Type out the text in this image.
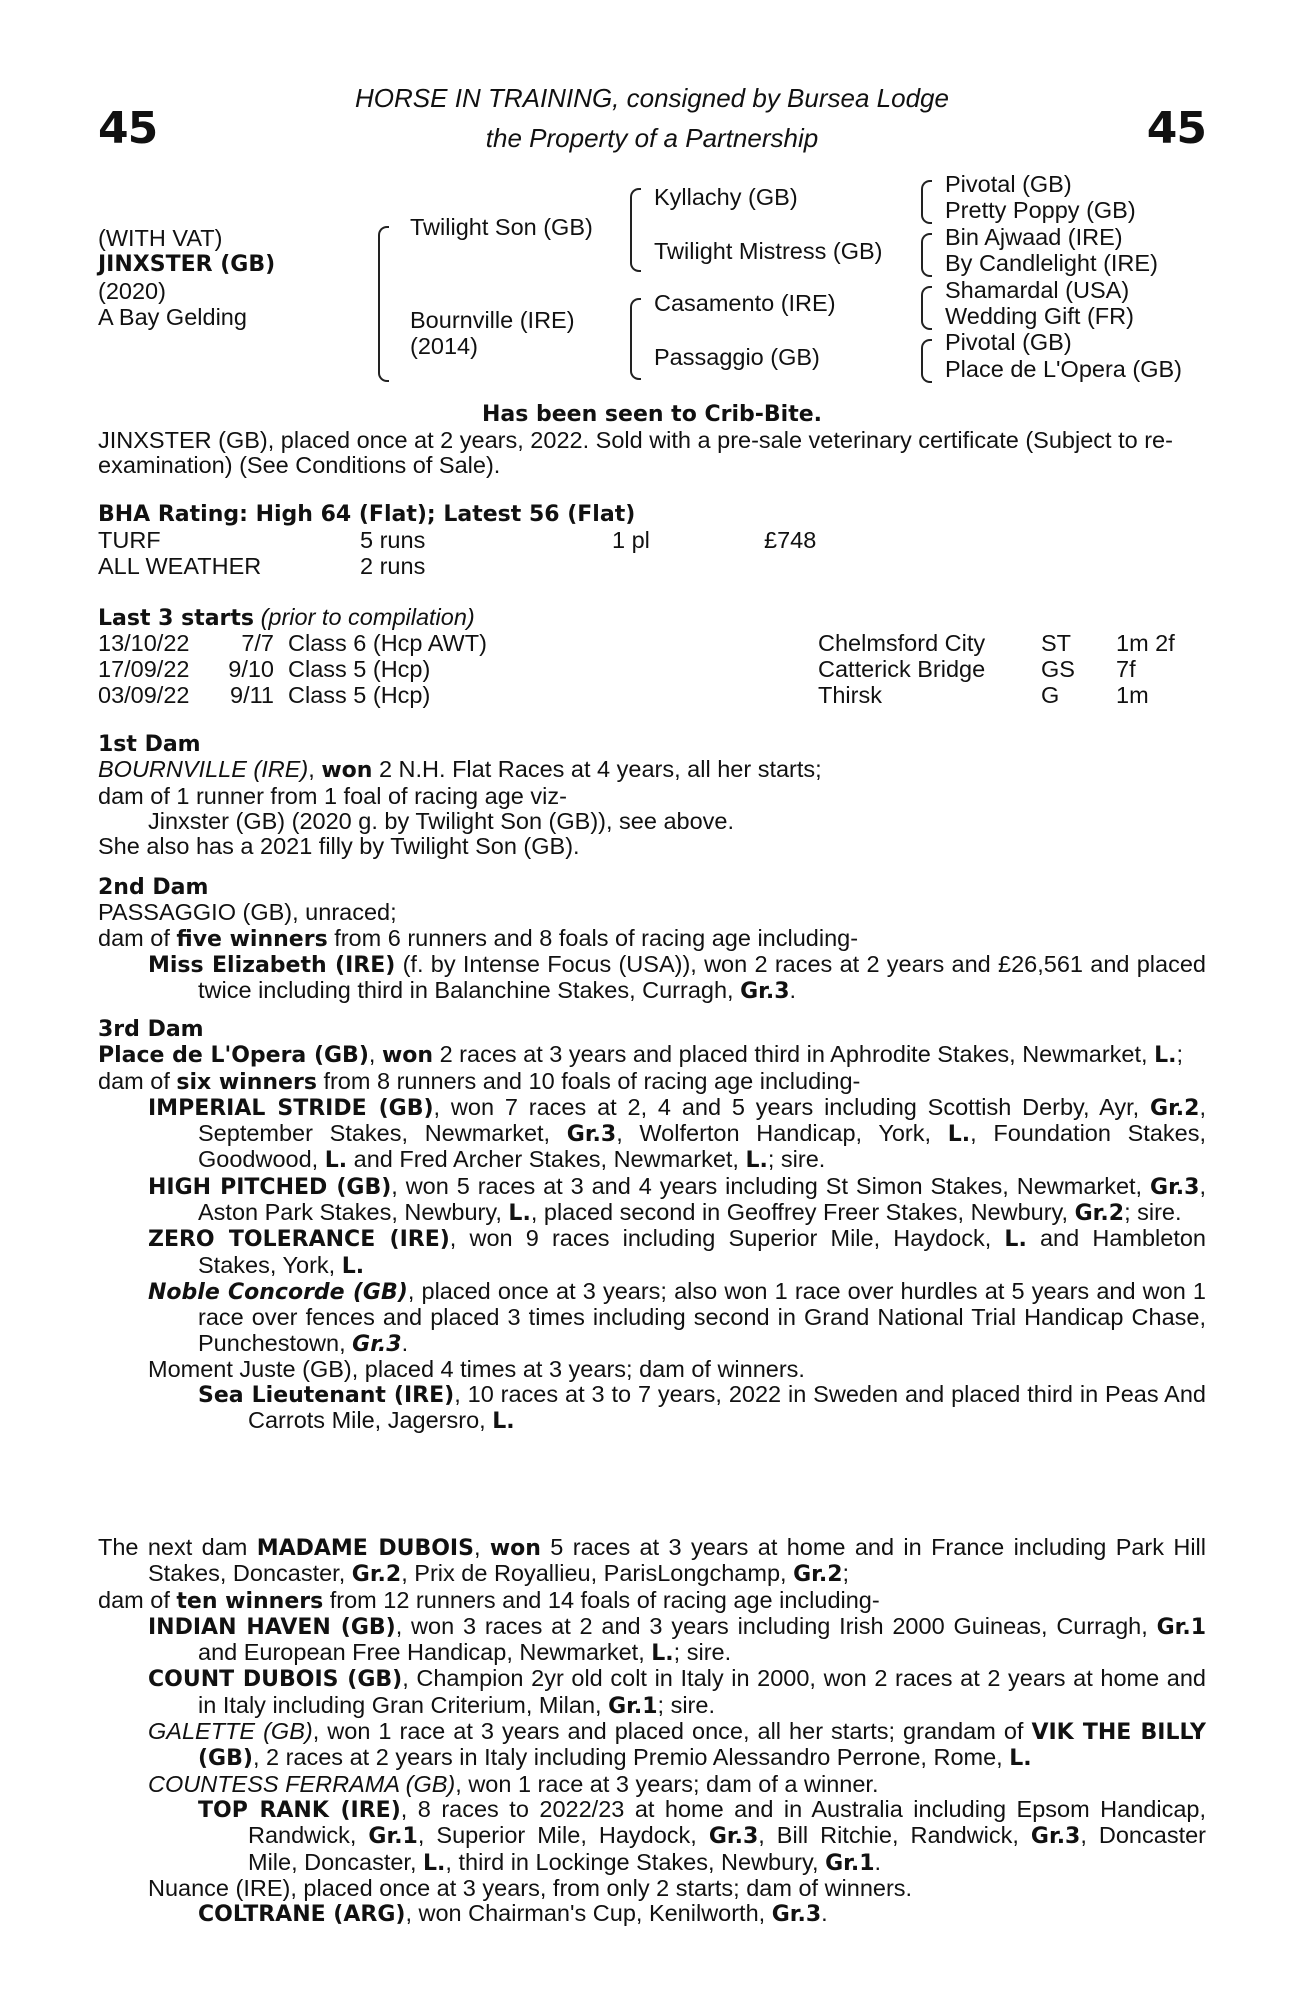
45	45
HORSE IN TRAINING, consigned by Bursea Lodge
the Property of a Partnership
(WITH VAT)
JINXSTER (GB)
(2020)
A Bay Gelding
Twilight Son (GB)
Bournville (IRE)
(2014)
Kyllachy (GB)
Twilight Mistress (GB)
Casamento (IRE)
Passaggio (GB)
Pivotal (GB)
Pretty Poppy (GB)
Bin Ajwaad (IRE)
By Candlelight (IRE)
Shamardal (USA)
Wedding Gift (FR)
Pivotal (GB)
Place de L'Opera (GB)
Has been seen to Crib-Bite.
JINXSTER (GB), placed once at 2 years, 2022. Sold with a pre-sale veterinary certificate (Subject to re-examination) (See Conditions of Sale).
BHA Rating: High 64 (Flat); Latest 56 (Flat)
TURF	5 runs	1 pl	£748
ALL WEATHER	2 runs
Last 3 starts (prior to compilation)
13/10/22	7/7 Class 6 (Hcp AWT)	Chelmsford City ST 1m 2f
17/09/22	9/10 Class 5 (Hcp)	Catterick Bridge GS 7f
03/09/22	9/11 Class 5 (Hcp)	Thirsk	G 1m
1st Dam
BOURNVILLE (IRE), won 2 N.H. Flat Races at 4 years, all her starts;
dam of 1 runner from 1 foal of racing age viz-
Jinxster (GB) (2020 g. by Twilight Son (GB)), see above.
She also has a 2021 filly by Twilight Son (GB).
2nd Dam
PASSAGGIO (GB), unraced;
dam of five winners from 6 runners and 8 foals of racing age including-
Miss Elizabeth (IRE) (f. by Intense Focus (USA)), won 2 races at 2 years and £26,561 and placed twice including third in Balanchine Stakes, Curragh, Gr.3.
3rd Dam
Place de L'Opera (GB), won 2 races at 3 years and placed third in Aphrodite Stakes, Newmarket, L.;
dam of six winners from 8 runners and 10 foals of racing age including-
IMPERIAL STRIDE (GB), won 7 races at 2, 4 and 5 years including Scottish Derby, Ayr, Gr.2, September Stakes, Newmarket, Gr.3, Wolferton Handicap, York, L., Foundation Stakes, Goodwood, L. and Fred Archer Stakes, Newmarket, L.; sire.
HIGH PITCHED (GB), won 5 races at 3 and 4 years including St Simon Stakes, Newmarket, Gr.3, Aston Park Stakes, Newbury, L., placed second in Geoffrey Freer Stakes, Newbury, Gr.2; sire.
ZERO TOLERANCE (IRE), won 9 races including Superior Mile, Haydock, L. and Hambleton Stakes, York, L.
Noble Concorde (GB), placed once at 3 years; also won 1 race over hurdles at 5 years and won 1 race over fences and placed 3 times including second in Grand National Trial Handicap Chase, Punchestown, Gr.3.
Moment Juste (GB), placed 4 times at 3 years; dam of winners.
Sea Lieutenant (IRE), 10 races at 3 to 7 years, 2022 in Sweden and placed third in Peas And Carrots Mile, Jagersro, L.
The next dam MADAME DUBOIS, won 5 races at 3 years at home and in France including Park Hill Stakes, Doncaster, Gr.2, Prix de Royallieu, ParisLongchamp, Gr.2;
dam of ten winners from 12 runners and 14 foals of racing age including-
INDIAN HAVEN (GB), won 3 races at 2 and 3 years including Irish 2000 Guineas, Curragh, Gr.1 and European Free Handicap, Newmarket, L.; sire.
COUNT DUBOIS (GB), Champion 2yr old colt in Italy in 2000, won 2 races at 2 years at home and in Italy including Gran Criterium, Milan, Gr.1; sire.
GALETTE (GB), won 1 race at 3 years and placed once, all her starts; grandam of VIK THE BILLY (GB), 2 races at 2 years in Italy including Premio Alessandro Perrone, Rome, L.
COUNTESS FERRAMA (GB), won 1 race at 3 years; dam of a winner.
TOP RANK (IRE), 8 races to 2022/23 at home and in Australia including Epsom Handicap, Randwick, Gr.1, Superior Mile, Haydock, Gr.3, Bill Ritchie, Randwick, Gr.3, Doncaster Mile, Doncaster, L., third in Lockinge Stakes, Newbury, Gr.1.
Nuance (IRE), placed once at 3 years, from only 2 starts; dam of winners.
COLTRANE (ARG), won Chairman's Cup, Kenilworth, Gr.3.
